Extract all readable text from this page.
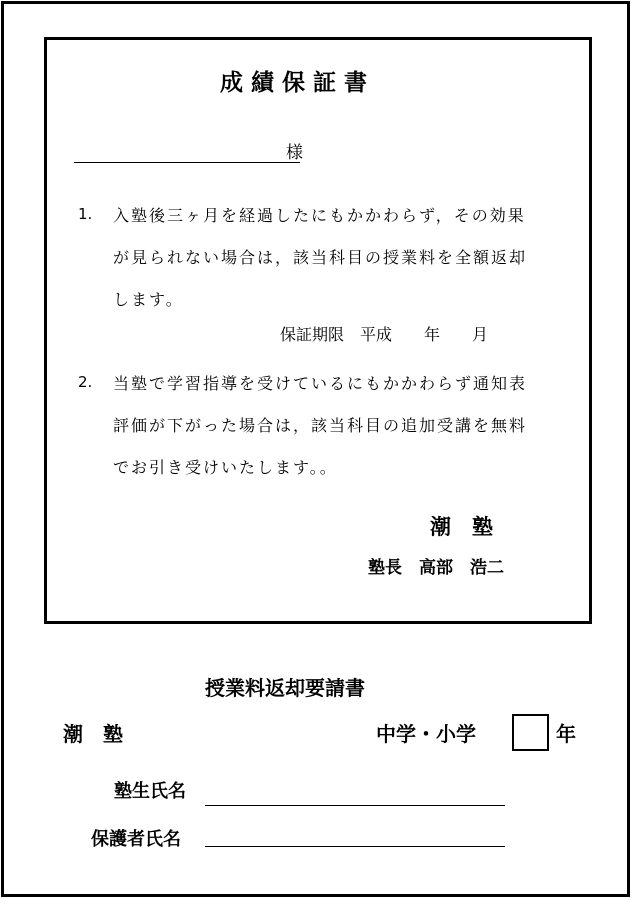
成績保証書
様
1. 入塾後三ヶ月を経過したにもかかわらず，その効果
が見られない場合は，該当科目の授業料を全額返却
します。
保証期限　平成　　年　　月
2. 当塾で学習指導を受けているにもかかわらず通知表
評価が下がった場合は，該当科目の追加受講を無料
でお引き受けいたします。。
潮　塾
塾長　高部　浩二
授業料返却要請書
潮　塾	中学・小学	年
塾生氏名
保護者氏名
